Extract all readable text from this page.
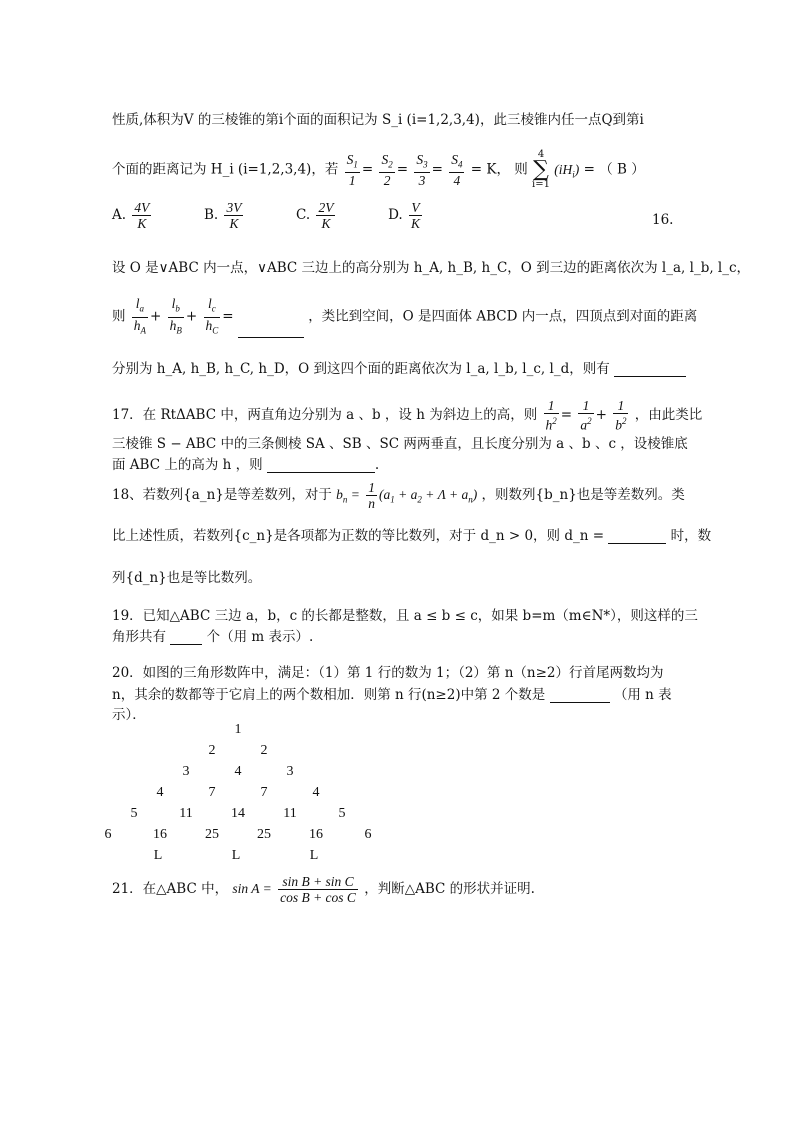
性质,体积为V 的三棱锥的第i个面的面积记为 S_i (i=1,2,3,4)，此三棱锥内任一点Q到第i
个面的距离记为 H_i (i=1,2,3,4)，若 $\frac{S_1}{1} = \frac{S_2}{2} = \frac{S_3}{3} = \frac{S_4}{4} = K$， 则 4
∑
i=1 $(iH_i)$ = （ B ）
A. $\frac{4V}{K}$	B. $\frac{3V}{K}$	C. $\frac{2V}{K}$	D. $\frac{V}{K}$	16.
设 O 是∨ABC 内一点，∨ABC 三边上的高分别为 h_A, h_B, h_C，O 到三边的距离依次为 l_a, l_b, l_c，
则 $\frac{l_a}{h_A} + \frac{l_b}{h_B} + \frac{l_c}{h_C}$ =	，类比到空间，O 是四面体 ABCD 内一点，四顶点到对面的距离
分别为 h_A, h_B, h_C, h_D，O 到这四个面的距离依次为 l_a, l_b, l_c, l_d，则有
17．在 RtΔABC 中，两直角边分别为 a 、b ，设 h 为斜边上的高，则 $\frac{1}{h^2} = \frac{1}{a^2} + \frac{1}{b^2}$ ，由此类比
三棱锥 S − ABC 中的三条侧棱 SA 、SB 、SC 两两垂直，且长度分别为 a 、b 、c ，设棱锥底
面 ABC 上的高为 h ，则	.
18、若数列{a_n}是等差数列，对于 $b_n = \frac{1}{n} (a_1 + a_2 + \Lambda + a_n)$ ，则数列{b_n}也是等差数列。类
比上述性质，若数列{c_n}是各项都为正数的等比数列，对于 d_n > 0，则 d_n =	时，数
列{d_n}也是等比数列。
19．已知△ABC 三边 a，b，c 的长都是整数，且 a ≤ b ≤ c，如果 b=m（m∈N*），则这样的三
角形共有	个（用 m 表示）.
20．如图的三角形数阵中，满足：（1）第 1 行的数为 1；（2）第 n（n≥2）行首尾两数均为
n，其余的数都等于它肩上的两个数相加．则第 n 行(n≥2)中第 2 个数是	（用 n 表
示）．
1
2	2
3	4	3
4	7	7	4
5	11	14	11	5
6	16	25	25	16	6
L	L	L
21．在△ABC 中， $\sin A = \frac{\text{sin B + sin C}}{\text{cos B + cos C}}$ ，判断△ABC 的形状并证明.
